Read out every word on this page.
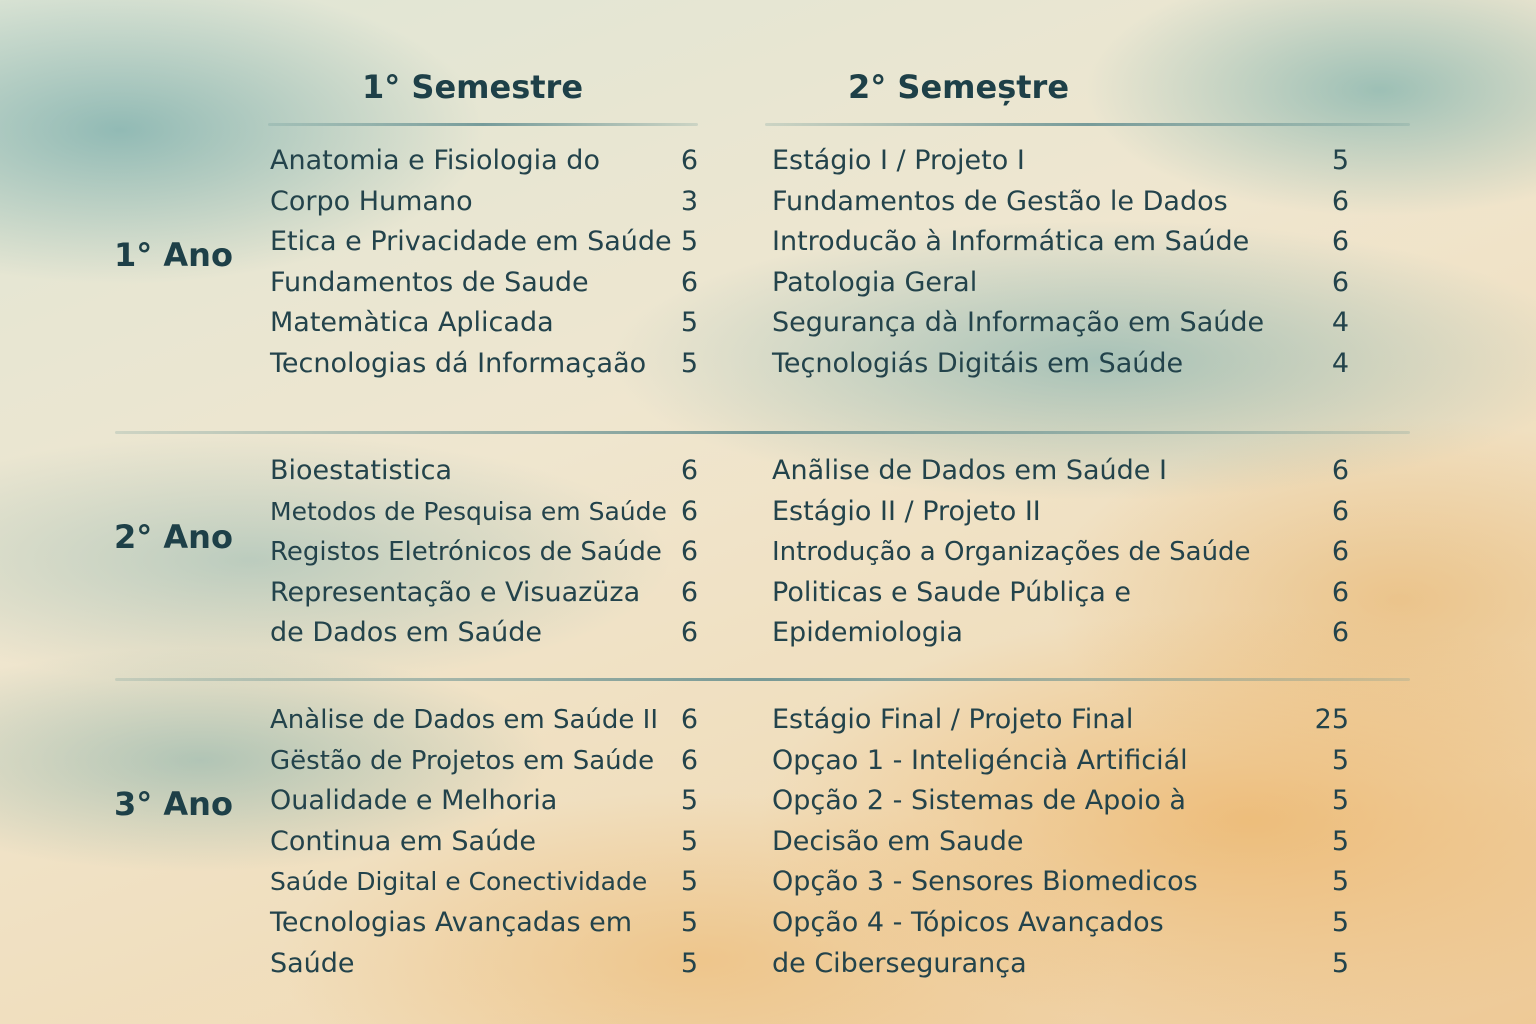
1° Semestre	2° Semeștre
1° Ano
Anatomia e Fisiologia do	6
Corpo Humano	3
Etica e Privacidade em Saúde 5
Fundamentos de Saude	6
Matemàtica Aplicada	5
Tecnologias dá Informaçaão 5
Estágio I / Projeto I	5
Fundamentos de Gestão le Dados	6
Introducão à Informática em Saúde	6
Patologia Geral	6
Segurança dà Informação em Saúde	4
Teçnologiás Digitáis em Saúde	4
2° Ano
Bioestatistica	6
Metodos de Pesquisa em Saúde 6
Registos Eletrónicos de Saúde 6
Representação e Visuazüza 6
de Dados em Saúde	6
Anãlise de Dados em Saúde I	6
Estágio II / Projeto II	6
Introdução a Organizações de Saúde	6
Politicas e Saude Públiça e	6
Epidemiologia	6
3° Ano
Anàlise de Dados em Saúde II 6
Gëstão de Projetos em Saúde 6
Oualidade e Melhoria	5
Continua em Saúde	5
Saúde Digital e Conectividade 5
Tecnologias Avançadas em 5
Saúde	5
Estágio Final / Projeto Final	25
Opçao 1 - Inteligéncià Artificiál	5
Opção 2 - Sistemas de Apoio à	5
Decisão em Saude	5
Opção 3 - Sensores Biomedicos	5
Opção 4 - Tópicos Avançados	5
de Cibersegurança	5
